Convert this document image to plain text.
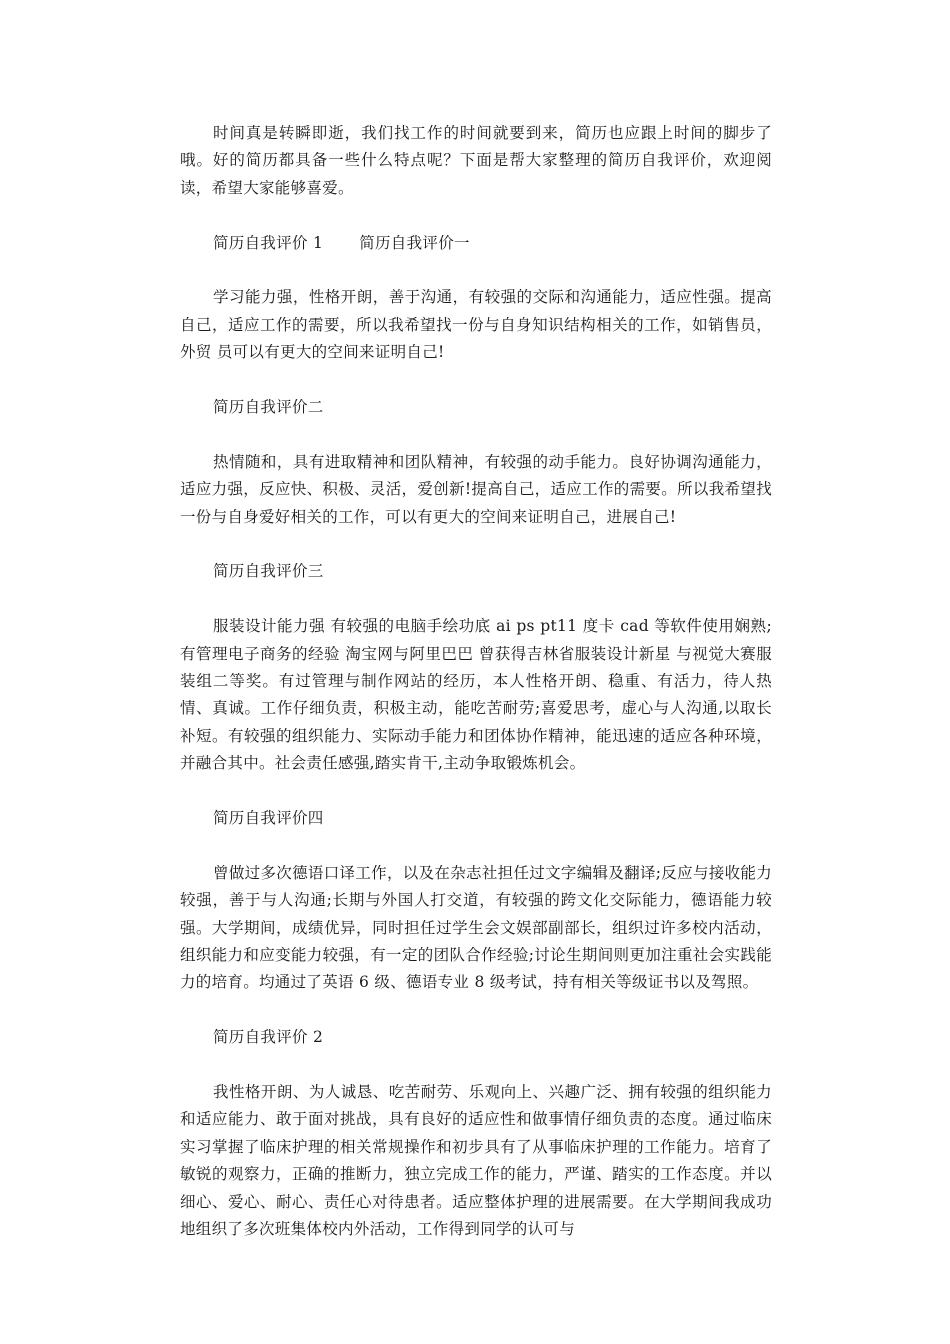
时间真是转瞬即逝，我们找工作的时间就要到来，简历也应跟上时间的脚步了哦。好的简历都具备一些什么特点呢？下面是帮大家整理的简历自我评价，欢迎阅读，希望大家能够喜爱。

简历自我评价 1 简历自我评价一

学习能力强，性格开朗，善于沟通，有较强的交际和沟通能力，适应性强。提高自己，适应工作的需要，所以我希望找一份与自身知识结构相关的工作，如销售员， 外贸 员可以有更大的空间来证明自己!

简历自我评价二

热情随和，具有进取精神和团队精神，有较强的动手能力。良好协调沟通能力，适应力强，反应快、积极、灵活，爱创新!提高自己，适应工作的需要。所以我希望找一份与自身爱好相关的工作，可以有更大的空间来证明自己，进展自己!

简历自我评价三

服装设计能力强 有较强的电脑手绘功底 ai ps pt11 度卡 cad 等软件使用娴熟;有管理电子商务的经验 淘宝网与阿里巴巴 曾获得吉林省服装设计新星 与视觉大赛服装组二等奖。有过管理与制作网站的经历，本人性格开朗、稳重、有活力，待人热情、真诚。工作仔细负责，积极主动，能吃苦耐劳;喜爱思考，虚心与人沟通,以取长补短。有较强的组织能力、实际动手能力和团体协作精神，能迅速的适应各种环境，并融合其中。社会责任感强,踏实肯干,主动争取锻炼机会。

简历自我评价四

曾做过多次德语口译工作，以及在杂志社担任过文字编辑及翻译;反应与接收能力较强，善于与人沟通;长期与外国人打交道，有较强的跨文化交际能力，德语能力较强。大学期间，成绩优异，同时担任过学生会文娱部副部长，组织过许多校内活动，组织能力和应变能力较强，有一定的团队合作经验;讨论生期间则更加注重社会实践能力的培育。均通过了英语 6 级、德语专业 8 级考试，持有相关等级证书以及驾照。

简历自我评价 2

我性格开朗、为人诚恳、吃苦耐劳、乐观向上、兴趣广泛、拥有较强的组织能力和适应能力、敢于面对挑战，具有良好的适应性和做事情仔细负责的态度。通过临床实习掌握了临床护理的相关常规操作和初步具有了从事临床护理的工作能力。培育了敏锐的观察力，正确的推断力，独立完成工作的能力，严谨、踏实的工作态度。并以细心、爱心、耐心、责任心对待患者。适应整体护理的进展需要。在大学期间我成功地组织了多次班集体校内外活动，工作得到同学的认可与
